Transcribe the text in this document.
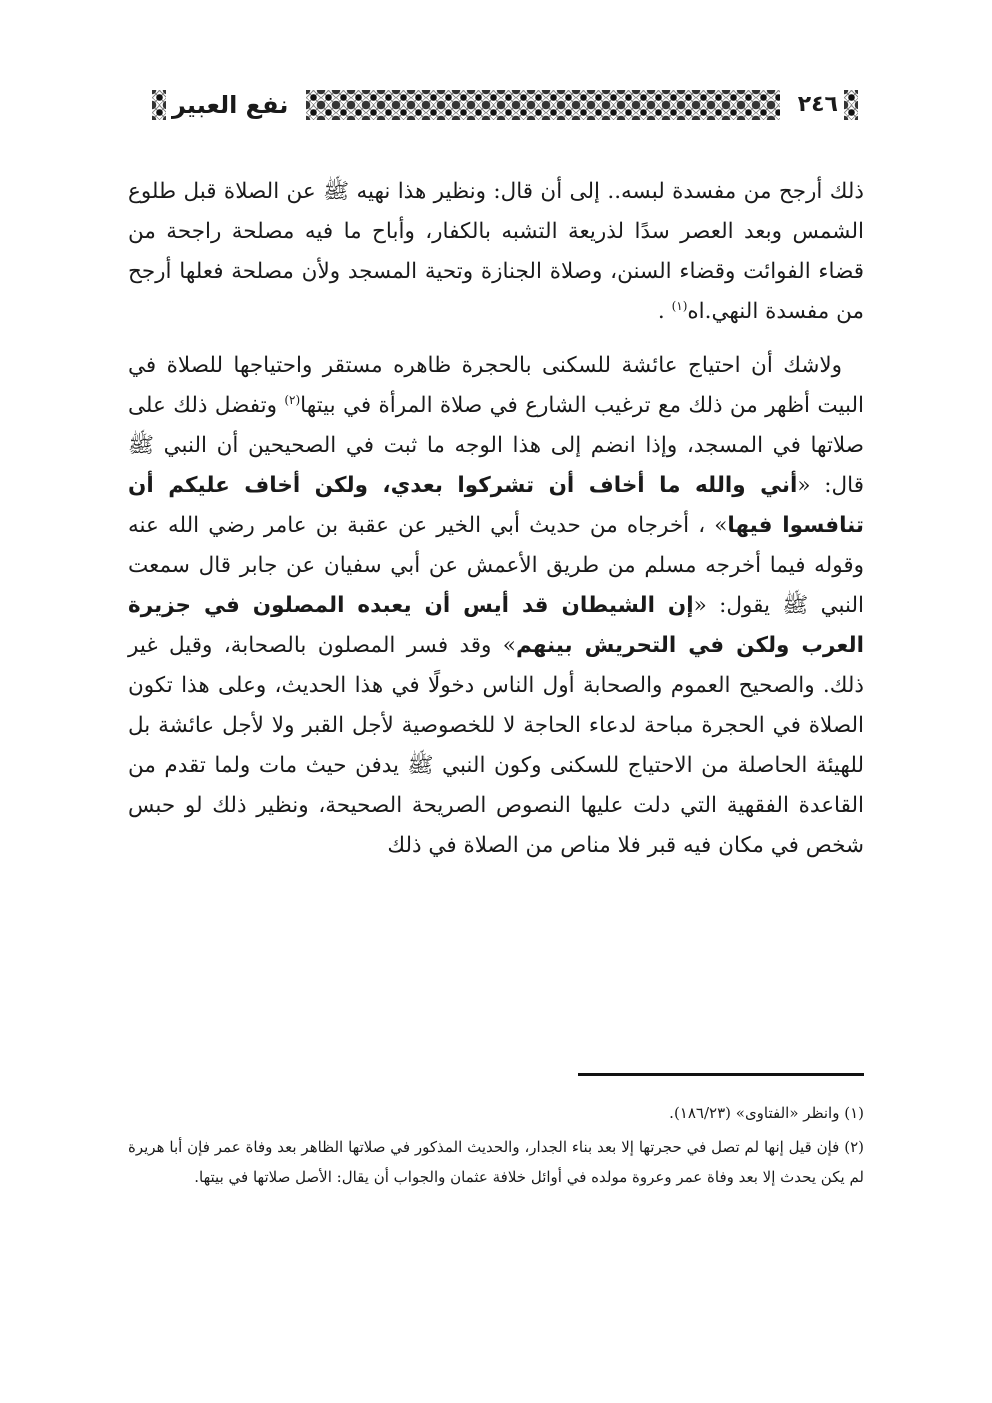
٢٤٦
نفع العبير

ذلك أرجح من مفسدة لبسه.. إلى أن قال: ونظير هذا نهيه ﷺ عن الصلاة قبل طلوع الشمس وبعد العصر سدًا لذريعة التشبه بالكفار، وأباح ما فيه مصلحة راجحة من قضاء الفوائت وقضاء السنن، وصلاة الجنازة وتحية المسجد ولأن مصلحة فعلها أرجح من مفسدة النهي.اه$^{(١)}$ .

ولاشك أن احتياج عائشة للسكنى بالحجرة ظاهره مستقر واحتياجها للصلاة في البيت أظهر من ذلك مع ترغيب الشارع في صلاة المرأة في بيتها$^{(٢)}$ وتفضل ذلك على صلاتها في المسجد، وإذا انضم إلى هذا الوجه ما ثبت في الصحيحين أن النبي ﷺ قال: «أني والله ما أخاف أن تشركوا بعدي، ولكن أخاف عليكم أن تنافسوا فيها» ، أخرجاه من حديث أبي الخير عن عقبة بن عامر رضي الله عنه وقوله فيما أخرجه مسلم من طريق الأعمش عن أبي سفيان عن جابر قال سمعت النبي ﷺ يقول: «إن الشيطان قد أيس أن يعبده المصلون في جزيرة العرب ولكن في التحريش بينهم» وقد فسر المصلون بالصحابة، وقيل غير ذلك. والصحيح العموم والصحابة أول الناس دخولًا في هذا الحديث، وعلى هذا تكون الصلاة في الحجرة مباحة لدعاء الحاجة لا للخصوصية لأجل القبر ولا لأجل عائشة بل للهيئة الحاصلة من الاحتياج للسكنى وكون النبي ﷺ يدفن حيث مات ولما تقدم من القاعدة الفقهية التي دلت عليها النصوص الصريحة الصحيحة، ونظير ذلك لو حبس شخص في مكان فيه قبر فلا مناص من الصلاة في ذلك

(١) وانظر «الفتاوى» (١٨٦/٢٣).

(٢) فإن قيل إنها لم تصل في حجرتها إلا بعد بناء الجدار، والحديث المذكور في صلاتها الظاهر بعد وفاة عمر فإن أبا هريرة لم يكن يحدث إلا بعد وفاة عمر وعروة مولده في أوائل خلافة عثمان والجواب أن يقال: الأصل صلاتها في بيتها.
